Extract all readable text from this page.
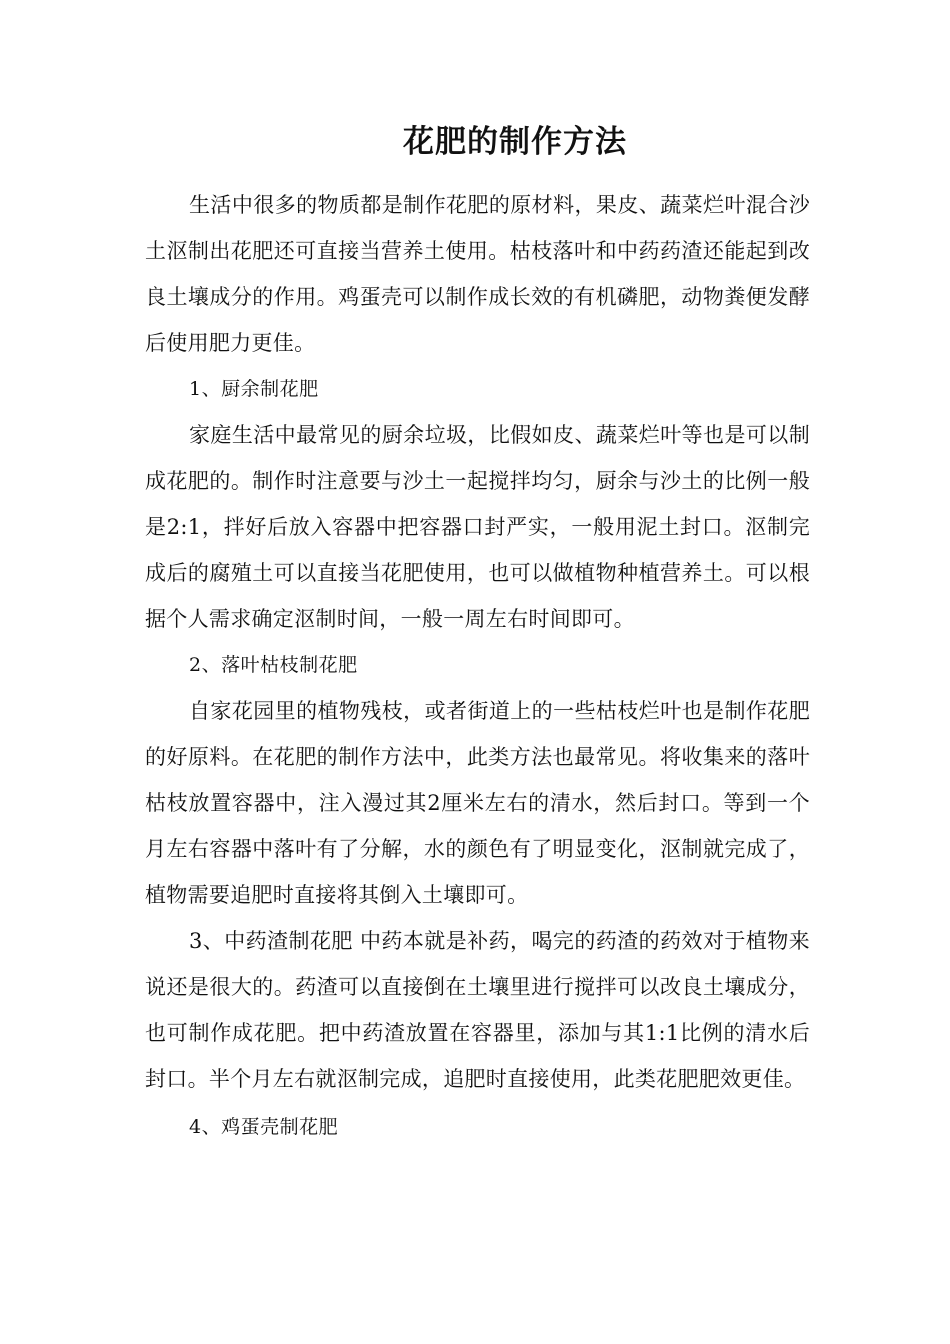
花肥的制作方法

生活中很多的物质都是制作花肥的原材料，果皮、蔬菜烂叶混合沙土沤制出花肥还可直接当营养土使用。枯枝落叶和中药药渣还能起到改良土壤成分的作用。鸡蛋壳可以制作成长效的有机磷肥，动物粪便发酵后使用肥力更佳。

1、厨余制花肥

家庭生活中最常见的厨余垃圾，比假如皮、蔬菜烂叶等也是可以制成花肥的。制作时注意要与沙土一起搅拌均匀，厨余与沙土的比例一般是2:1，拌好后放入容器中把容器口封严实，一般用泥土封口。沤制完成后的腐殖土可以直接当花肥使用，也可以做植物种植营养土。可以根据个人需求确定沤制时间，一般一周左右时间即可。

2、落叶枯枝制花肥

自家花园里的植物残枝，或者街道上的一些枯枝烂叶也是制作花肥的好原料。在花肥的制作方法中，此类方法也最常见。将收集来的落叶枯枝放置容器中，注入漫过其2厘米左右的清水，然后封口。等到一个月左右容器中落叶有了分解，水的颜色有了明显变化，沤制就完成了，植物需要追肥时直接将其倒入土壤即可。

3、中药渣制花肥 中药本就是补药，喝完的药渣的药效对于植物来说还是很大的。药渣可以直接倒在土壤里进行搅拌可以改良土壤成分，也可制作成花肥。把中药渣放置在容器里，添加与其1:1比例的清水后封口。半个月左右就沤制完成，追肥时直接使用，此类花肥肥效更佳。

4、鸡蛋壳制花肥
